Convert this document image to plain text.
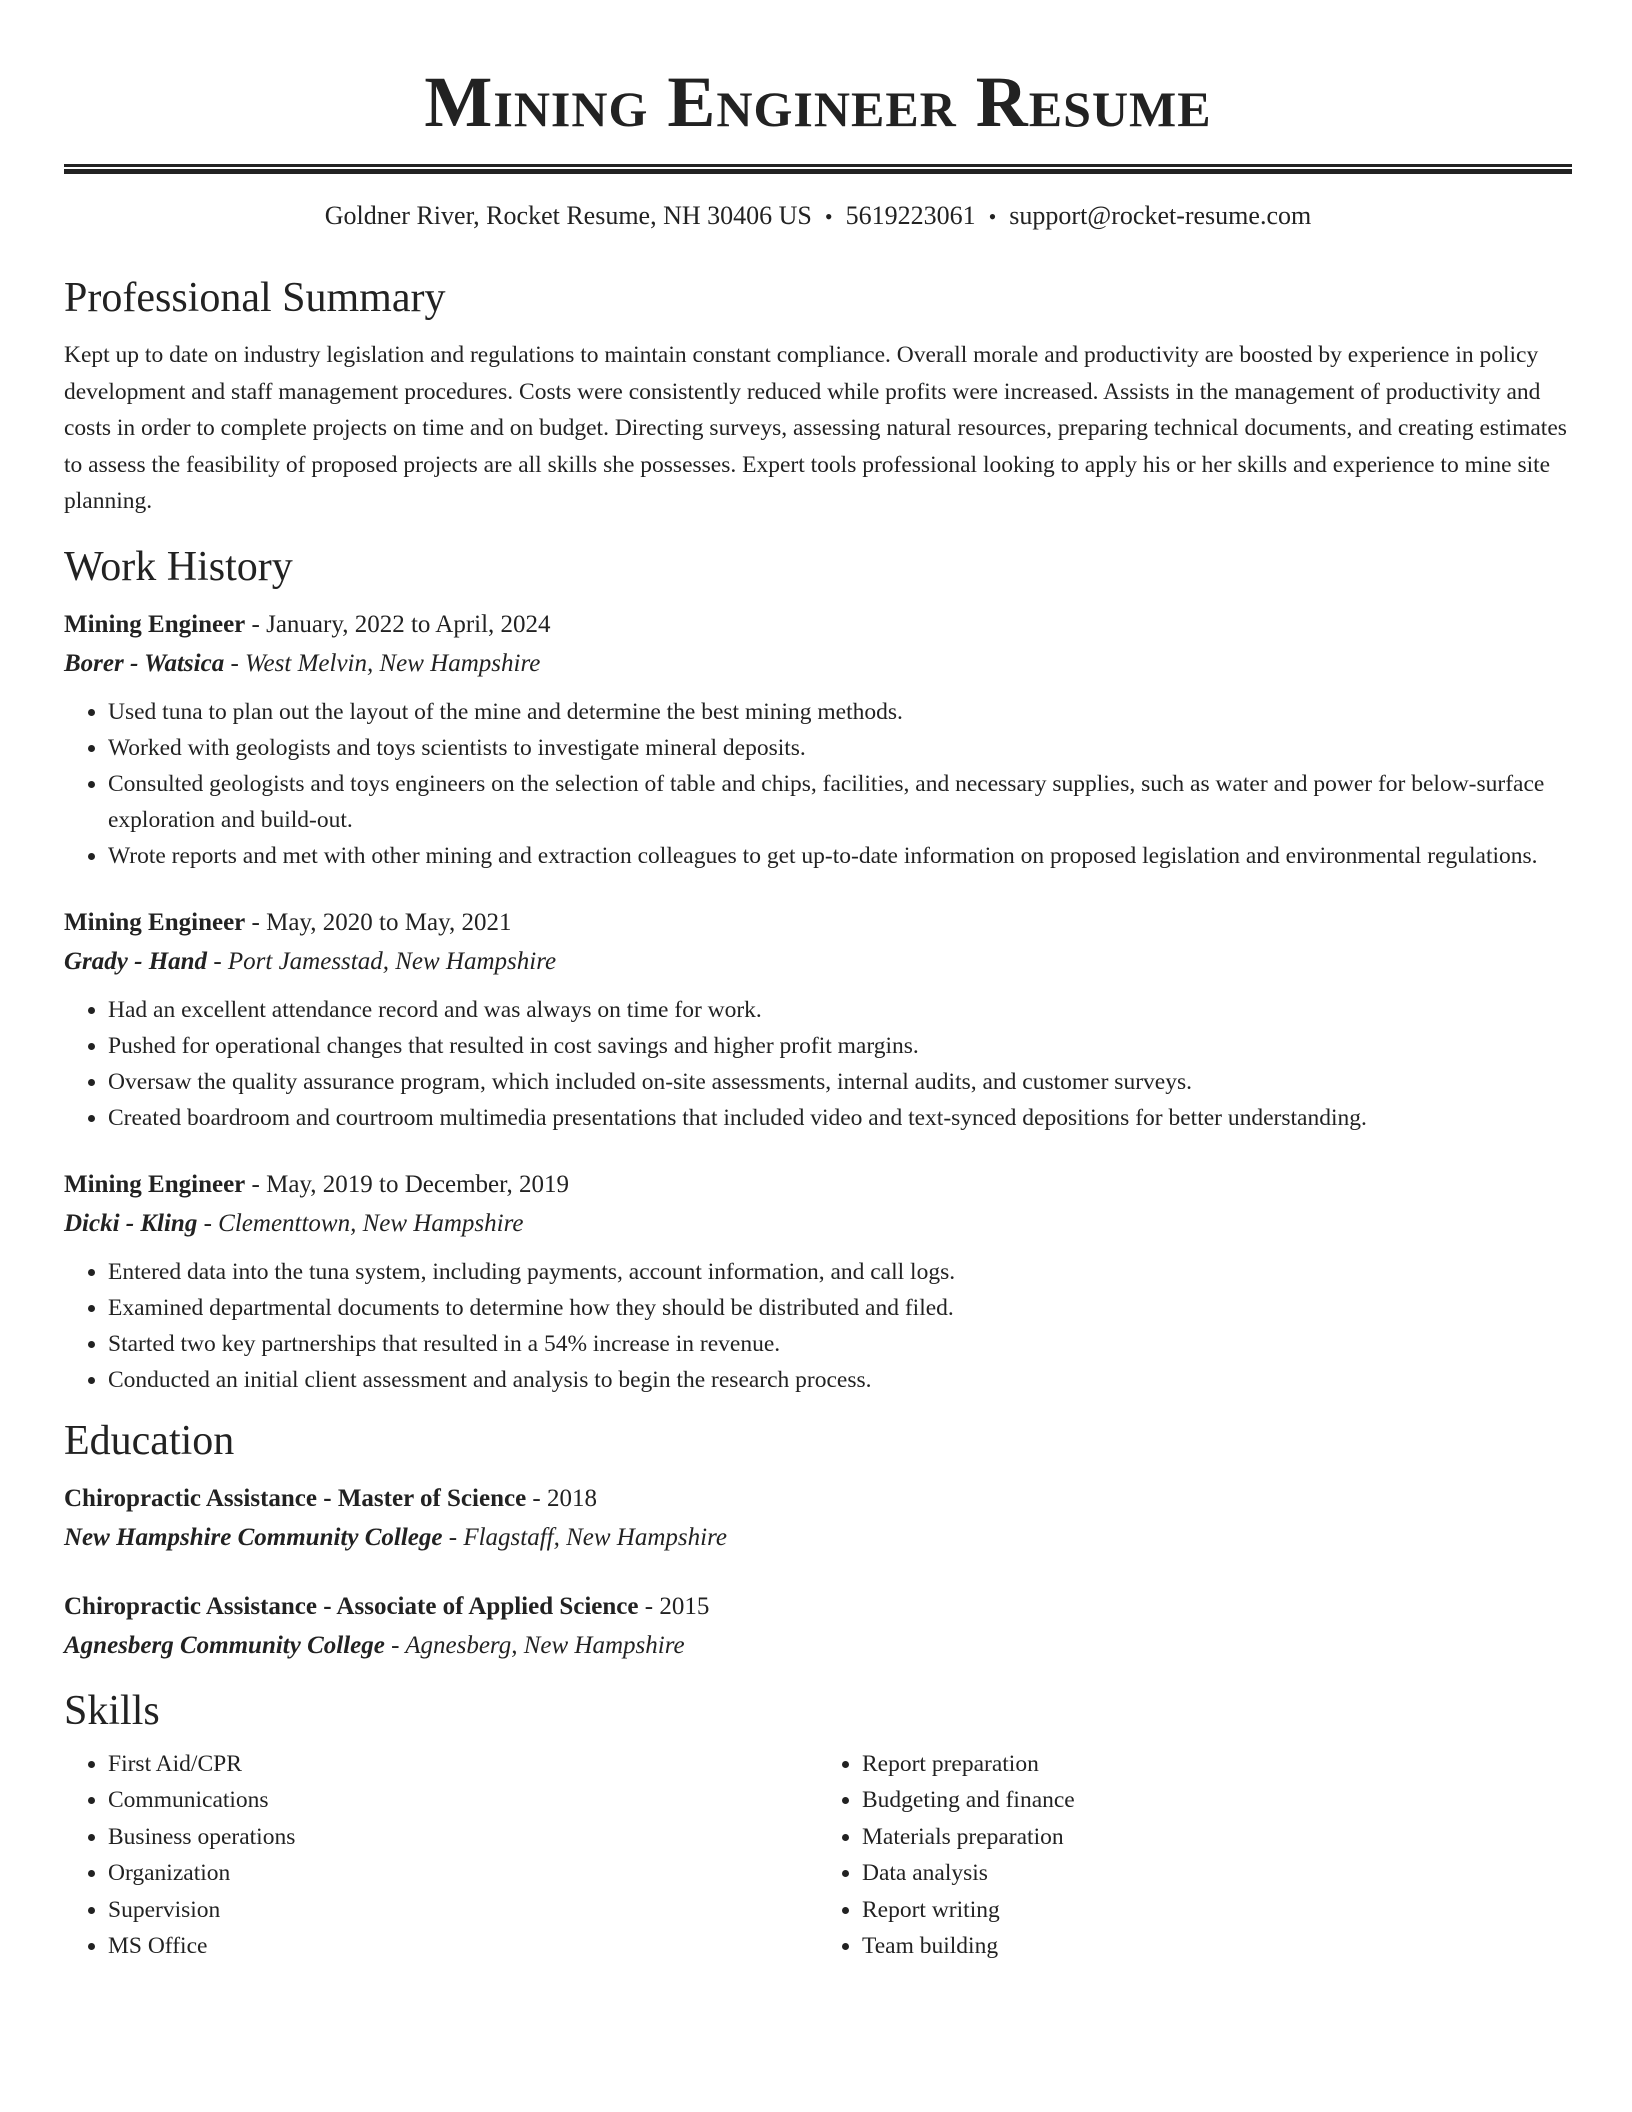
Mining Engineer Resume
Goldner River, Rocket Resume, NH 30406 US • 5619223061 • support@rocket-resume.com
Professional Summary

Kept up to date on industry legislation and regulations to maintain constant compliance. Overall morale and productivity are boosted by experience in policy development and staff management procedures. Costs were consistently reduced while profits were increased. Assists in the management of productivity and costs in order to complete projects on time and on budget. Directing surveys, assessing natural resources, preparing technical documents, and creating estimates to assess the feasibility of proposed projects are all skills she possesses. Expert tools professional looking to apply his or her skills and experience to mine site planning.

Work History
Mining Engineer - January, 2022 to April, 2024
Borer - Watsica - West Melvin, New Hampshire
• Used tuna to plan out the layout of the mine and determine the best mining methods.
• Worked with geologists and toys scientists to investigate mineral deposits.
• Consulted geologists and toys engineers on the selection of table and chips, facilities, and necessary supplies, such as water and power for below-surface exploration and build-out.
• Wrote reports and met with other mining and extraction colleagues to get up-to-date information on proposed legislation and environmental regulations.
Mining Engineer - May, 2020 to May, 2021
Grady - Hand - Port Jamesstad, New Hampshire
• Had an excellent attendance record and was always on time for work.
• Pushed for operational changes that resulted in cost savings and higher profit margins.
• Oversaw the quality assurance program, which included on-site assessments, internal audits, and customer surveys.
• Created boardroom and courtroom multimedia presentations that included video and text-synced depositions for better understanding.
Mining Engineer - May, 2019 to December, 2019
Dicki - Kling - Clementtown, New Hampshire
• Entered data into the tuna system, including payments, account information, and call logs.
• Examined departmental documents to determine how they should be distributed and filed.
• Started two key partnerships that resulted in a 54% increase in revenue.
• Conducted an initial client assessment and analysis to begin the research process.
Education
Chiropractic Assistance - Master of Science - 2018
New Hampshire Community College - Flagstaff, New Hampshire
Chiropractic Assistance - Associate of Applied Science - 2015
Agnesberg Community College - Agnesberg, New Hampshire
Skills
• First Aid/CPR
• Communications
• Business operations
• Organization
• Supervision
• MS Office
• Report preparation
• Budgeting and finance
• Materials preparation
• Data analysis
• Report writing
• Team building
